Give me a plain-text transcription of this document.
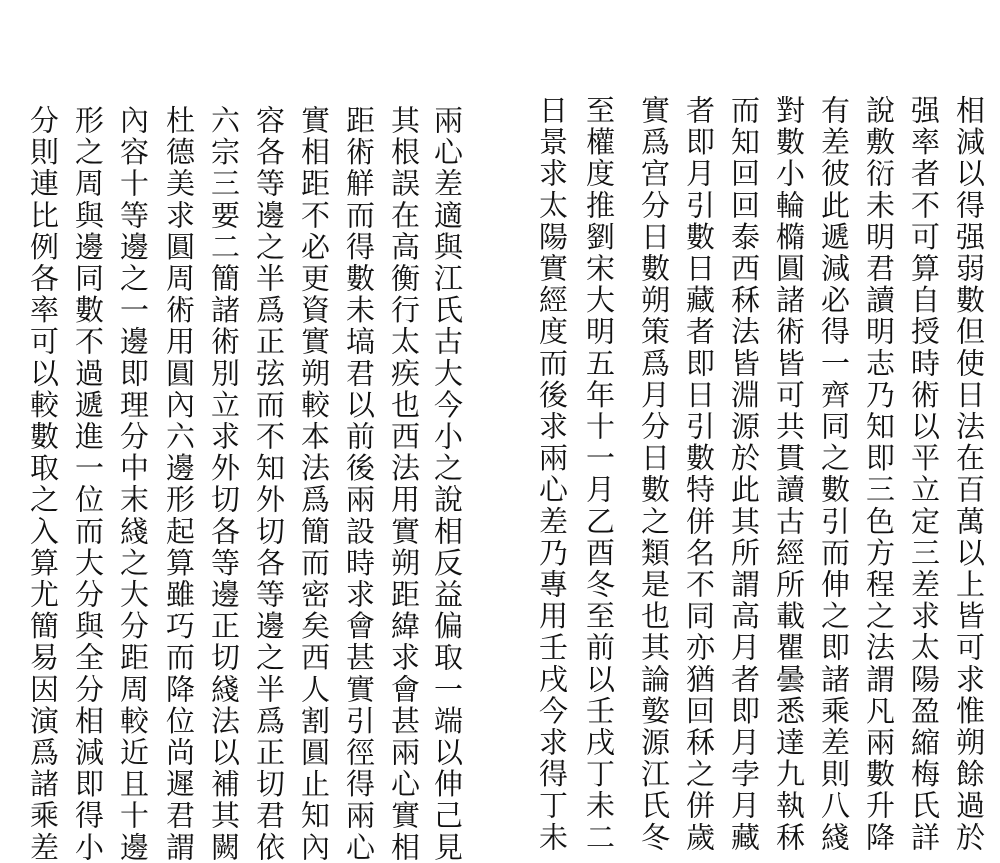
相減以得强弱數但使日法在百萬以上皆可求惟朔餘過於
强率者不可算自授時術以平立定三差求太陽盈縮梅氏詳
說敷衍未明君讀明志乃知即三色方程之法謂凡兩數升降
有差彼此遞減必得一齊同之數引而伸之即諸乘差則八綫
對數小輪橢圓諸術皆可共貫讀古經所載瞿曇悉達九執秝
而知回回泰西秝法皆淵源於此其所謂高月者即月孛月藏
者即月引數日藏者即日引數特併名不同亦猶回秝之併歲
實爲宫分日數朔策爲月分日數之類是也其論嬜源江氏冬
至權度推劉宋大明五年十一月乙酉冬至前以壬戌丁未二
日景求太陽實經度而後求兩心差乃專用壬戌今求得丁未
兩心差適與江氏古大今小之說相反益偏取一端以伸己見
其根誤在高衡行太疾也西法用實朔距緯求會甚兩心實相
距術觧而得數未塙君以前後兩設時求會甚實引徑得兩心
實相距不必更資實朔較本法爲簡而密矣西人割圓止知內
容各等邊之半爲正弦而不知外切各等邊之半爲正切君依
六宗三要二簡諸術別立求外切各等邊正切綫法以補其闕
杜德美求圓周術用圓內六邊形起算雖巧而降位尚遲君謂
內容十等邊之一邊即理分中末綫之大分距周較近且十邊
形之周與邊同數不過遞進一位而大分與全分相減即得小
分則連比例各率可以較數取之入算尤簡易因演爲諸乘差
